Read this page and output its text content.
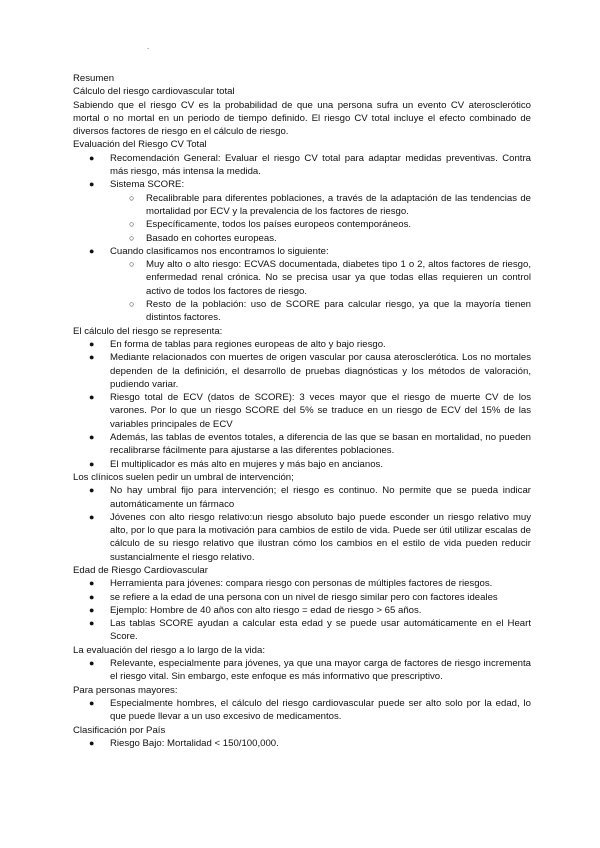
.

Resumen

Cálculo del riesgo cardiovascular total

Sabiendo que el riesgo CV es la probabilidad de que una persona sufra un evento CV aterosclerótico mortal o no mortal en un periodo de tiempo definido. El riesgo CV total incluye el efecto combinado de diversos factores de riesgo en el cálculo de riesgo.

Evaluación del Riesgo CV Total

● Recomendación General: Evaluar el riesgo CV total para adaptar medidas preventivas. Contra más riesgo, más intensa la medida.
● Sistema SCORE:
○ Recalibrable para diferentes poblaciones, a través de la adaptación de las tendencias de mortalidad por ECV y la prevalencia de los factores de riesgo.
○ Específicamente, todos los países europeos contemporáneos.
○ Basado en cohortes europeas.
● Cuando clasificamos nos encontramos lo siguiente:
○ Muy alto o alto riesgo: ECVAS documentada, diabetes tipo 1 o 2, altos factores de riesgo, enfermedad renal crónica. No se precisa usar ya que todas ellas requieren un control activo de todos los factores de riesgo.
○ Resto de la población: uso de SCORE para calcular riesgo, ya que la mayoría tienen distintos factores.

El cálculo del riesgo se representa:

● En forma de tablas para regiones europeas de alto y bajo riesgo.
● Mediante relacionados con muertes de origen vascular por causa aterosclerótica. Los no mortales dependen de la definición, el desarrollo de pruebas diagnósticas y los métodos de valoración, pudiendo variar.
● Riesgo total de ECV (datos de SCORE): 3 veces mayor que el riesgo de muerte CV de los varones. Por lo que un riesgo SCORE del 5% se traduce en un riesgo de ECV del 15% de las variables principales de ECV
● Además, las tablas de eventos totales, a diferencia de las que se basan en mortalidad, no pueden recalibrarse fácilmente para ajustarse a las diferentes poblaciones.
● El multiplicador es más alto en mujeres y más bajo en ancianos.

Los clínicos suelen pedir un umbral de intervención;

● No hay umbral fijo para intervención; el riesgo es continuo. No permite que se pueda indicar automáticamente un fármaco
● Jóvenes con alto riesgo relativo:un riesgo absoluto bajo puede esconder un riesgo relativo muy alto, por lo que para la motivación para cambios de estilo de vida. Puede ser útil utilizar escalas de cálculo de su riesgo relativo que ilustran cómo los cambios en el estilo de vida pueden reducir sustancialmente el riesgo relativo.

Edad de Riesgo Cardiovascular

● Herramienta para jóvenes: compara riesgo con personas de múltiples factores de riesgos.
● se refiere a la edad de una persona con un nivel de riesgo similar pero con factores ideales
● Ejemplo: Hombre de 40 años con alto riesgo = edad de riesgo > 65 años.
● Las tablas SCORE ayudan a calcular esta edad y se puede usar automáticamente en el Heart Score.

La evaluación del riesgo a lo largo de la vida:

● Relevante, especialmente para jóvenes, ya que una mayor carga de factores de riesgo incrementa el riesgo vital. Sin embargo, este enfoque es más informativo que prescriptivo.

Para personas mayores:

● Especialmente hombres, el cálculo del riesgo cardiovascular puede ser alto solo por la edad, lo que puede llevar a un uso excesivo de medicamentos.

Clasificación por País

● Riesgo Bajo: Mortalidad < 150/100,000.
